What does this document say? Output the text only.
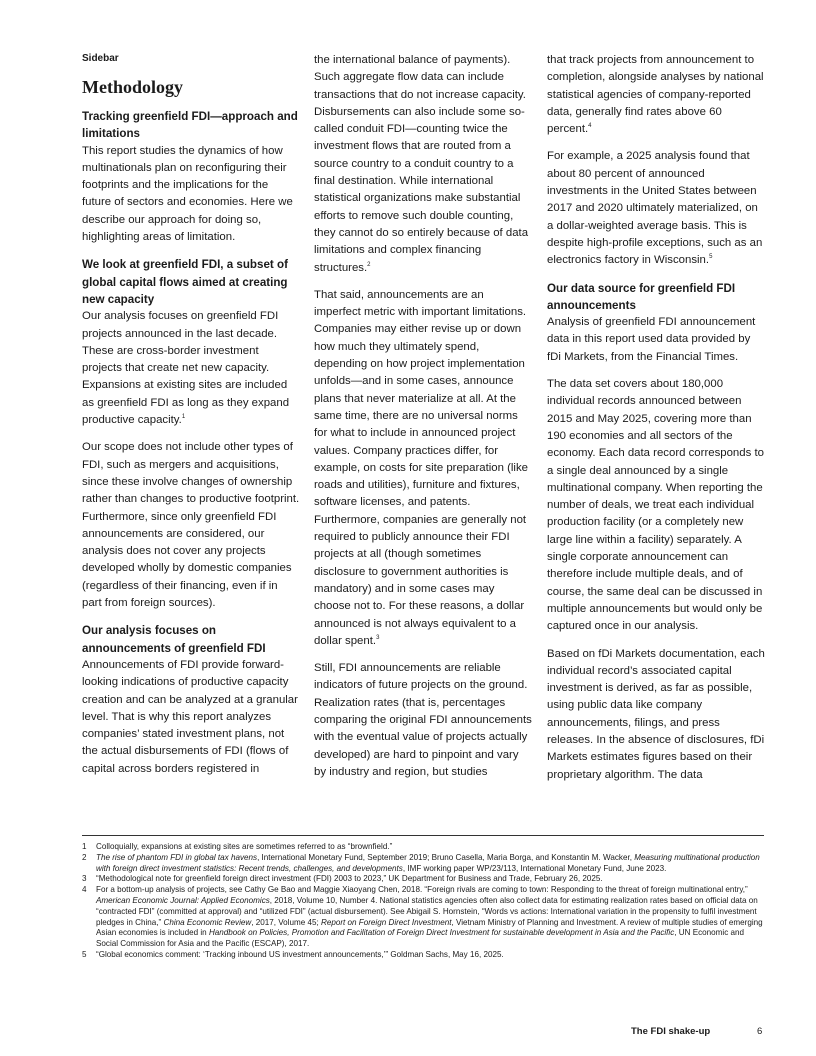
Sidebar

Methodology

Tracking greenfield FDI—approach and limitations

This report studies the dynamics of how multinationals plan on reconfiguring their footprints and the implications for the future of sectors and economies. Here we describe our approach for doing so, highlighting areas of limitation.

We look at greenfield FDI, a subset of global capital flows aimed at creating new capacity

Our analysis focuses on greenfield FDI projects announced in the last decade. These are cross-border investment projects that create net new capacity. Expansions at existing sites are included as greenfield FDI as long as they expand productive capacity.$^1$

Our scope does not include other types of FDI, such as mergers and acquisitions, since these involve changes of ownership rather than changes to productive footprint. Furthermore, since only greenfield FDI announcements are considered, our analysis does not cover any projects developed wholly by domestic companies (regardless of their financing, even if in part from foreign sources).

Our analysis focuses on announcements of greenfield FDI

Announcements of FDI provide forward-looking indications of productive capacity creation and can be analyzed at a granular level. That is why this report analyzes companies’ stated investment plans, not the actual disbursements of FDI (flows of capital across borders registered in

the international balance of payments). Such aggregate flow data can include transactions that do not increase capacity. Disbursements can also include some so-called conduit FDI—counting twice the investment flows that are routed from a source country to a conduit country to a final destination. While international statistical organizations make substantial efforts to remove such double counting, they cannot do so entirely because of data limitations and complex financing structures.$^2$

That said, announcements are an imperfect metric with important limitations. Companies may either revise up or down how much they ultimately spend, depending on how project implementation unfolds—and in some cases, announce plans that never materialize at all. At the same time, there are no universal norms for what to include in announced project values. Company practices differ, for example, on costs for site preparation (like roads and utilities), furniture and fixtures, software licenses, and patents. Furthermore, companies are generally not required to publicly announce their FDI projects at all (though sometimes disclosure to government authorities is mandatory) and in some cases may choose not to. For these reasons, a dollar announced is not always equivalent to a dollar spent.$^3$

Still, FDI announcements are reliable indicators of future projects on the ground. Realization rates (that is, percentages comparing the original FDI announcements with the eventual value of projects actually developed) are hard to pinpoint and vary by industry and region, but studies

that track projects from announcement to completion, alongside analyses by national statistical agencies of company-reported data, generally find rates above 60 percent.$^4$

For example, a 2025 analysis found that about 80 percent of announced investments in the United States between 2017 and 2020 ultimately materialized, on a dollar-weighted average basis. This is despite high-profile exceptions, such as an electronics factory in Wisconsin.$^5$

Our data source for greenfield FDI announcements

Analysis of greenfield FDI announcement data in this report used data provided by fDi Markets, from the Financial Times.

The data set covers about 180,000 individual records announced between 2015 and May 2025, covering more than 190 economies and all sectors of the economy. Each data record corresponds to a single deal announced by a single multinational company. When reporting the number of deals, we treat each individual production facility (or a completely new large line within a facility) separately. A single corporate announcement can therefore include multiple deals, and of course, the same deal can be discussed in multiple announcements but would only be captured once in our analysis.

Based on fDi Markets documentation, each individual record’s associated capital investment is derived, as far as possible, using public data like company announcements, filings, and press releases. In the absence of disclosures, fDi Markets estimates figures based on their proprietary algorithm. The data

1	Colloquially, expansions at existing sites are sometimes referred to as “brownfield.”
2	The rise of phantom FDI in global tax havens, International Monetary Fund, September 2019; Bruno Casella, Maria Borga, and Konstantin M. Wacker, Measuring multinational production with foreign direct investment statistics: Recent trends, challenges, and developments, IMF working paper WP/23/113, International Monetary Fund, June 2023.
3	“Methodological note for greenfield foreign direct investment (FDI) 2003 to 2023,” UK Department for Business and Trade, February 26, 2025.
4	For a bottom-up analysis of projects, see Cathy Ge Bao and Maggie Xiaoyang Chen, 2018. “Foreign rivals are coming to town: Responding to the threat of foreign multinational entry,” American Economic Journal: Applied Economics, 2018, Volume 10, Number 4. National statistics agencies often also collect data for estimating realization rates based on official data on “contracted FDI” (committed at approval) and “utilized FDI” (actual disbursement). See Abigail S. Hornstein, “Words vs actions: International variation in the propensity to fulfil investment pledges in China,” China Economic Review, 2017, Volume 45; Report on Foreign Direct Investment, Vietnam Ministry of Planning and Investment. A review of multiple studies of emerging Asian economies is included in Handbook on Policies, Promotion and Facilitation of Foreign Direct Investment for sustainable development in Asia and the Pacific, UN Economic and Social Commission for Asia and the Pacific (ESCAP), 2017.
5	“Global economics comment: ‘Tracking inbound US investment announcements,’” Goldman Sachs, May 16, 2025.
The FDI shake-up	6
